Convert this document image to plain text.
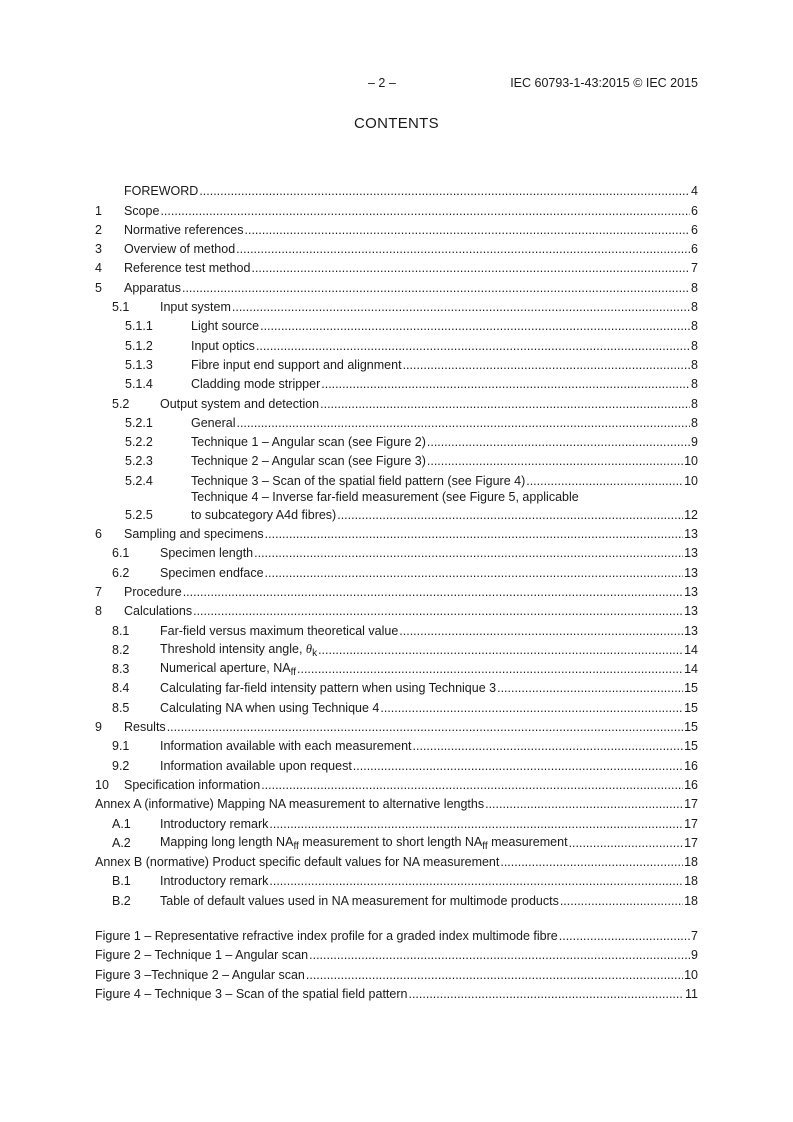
– 2 –	IEC 60793-1-43:2015 © IEC 2015
CONTENTS
FOREWORD .....	4
1	Scope .....	6
2	Normative references .....	6
3	Overview of method .....	6
4	Reference test method .....	7
5	Apparatus .....	8
5.1	Input system .....	8
5.1.1	Light source .....	8
5.1.2	Input optics .....	8
5.1.3	Fibre input end support and alignment .....	8
5.1.4	Cladding mode stripper .....	8
5.2	Output system and detection .....	8
5.2.1	General .....	8
5.2.2	Technique 1 – Angular scan (see Figure 2) .....	9
5.2.3	Technique 2 – Angular scan (see Figure 3) .....	10
5.2.4	Technique 3 – Scan of the spatial field pattern (see Figure 4) .....	10
5.2.5
Technique 4 – Inverse far-field measurement (see Figure 5, applicable
to subcategory A4d fibres) .....	12
6	Sampling and specimens .....	13
6.1	Specimen length .....	13
6.2	Specimen endface .....	13
7	Procedure .....	13
8	Calculations .....	13
8.1	Far-field versus maximum theoretical value .....	13
8.2	Threshold intensity angle, $\theta_k$ .....	14
8.3	Numerical aperture, $NA_{ff}$ .....	14
8.4	Calculating far-field intensity pattern when using Technique 3 .....	15
8.5	Calculating NA when using Technique 4 .....	15
9	Results .....	15
9.1	Information available with each measurement .....	15
9.2	Information available upon request .....	16
10	Specification information .....	16
Annex A (informative) Mapping NA measurement to alternative lengths .....	17
A.1	Introductory remark .....	17
A.2	Mapping long length $NA_{ff}$ measurement to short length $NA_{ff}$ measurement .....	17
Annex B (normative) Product specific default values for NA measurement .....	18
B.1	Introductory remark .....	18
B.2	Table of default values used in NA measurement for multimode products .....	18
Figure 1 – Representative refractive index profile for a graded index multimode fibre .....	7
Figure 2 – Technique 1 – Angular scan .....	9
Figure 3 –Technique 2 – Angular scan .....	10
Figure 4 – Technique 3 – Scan of the spatial field pattern .....	11
